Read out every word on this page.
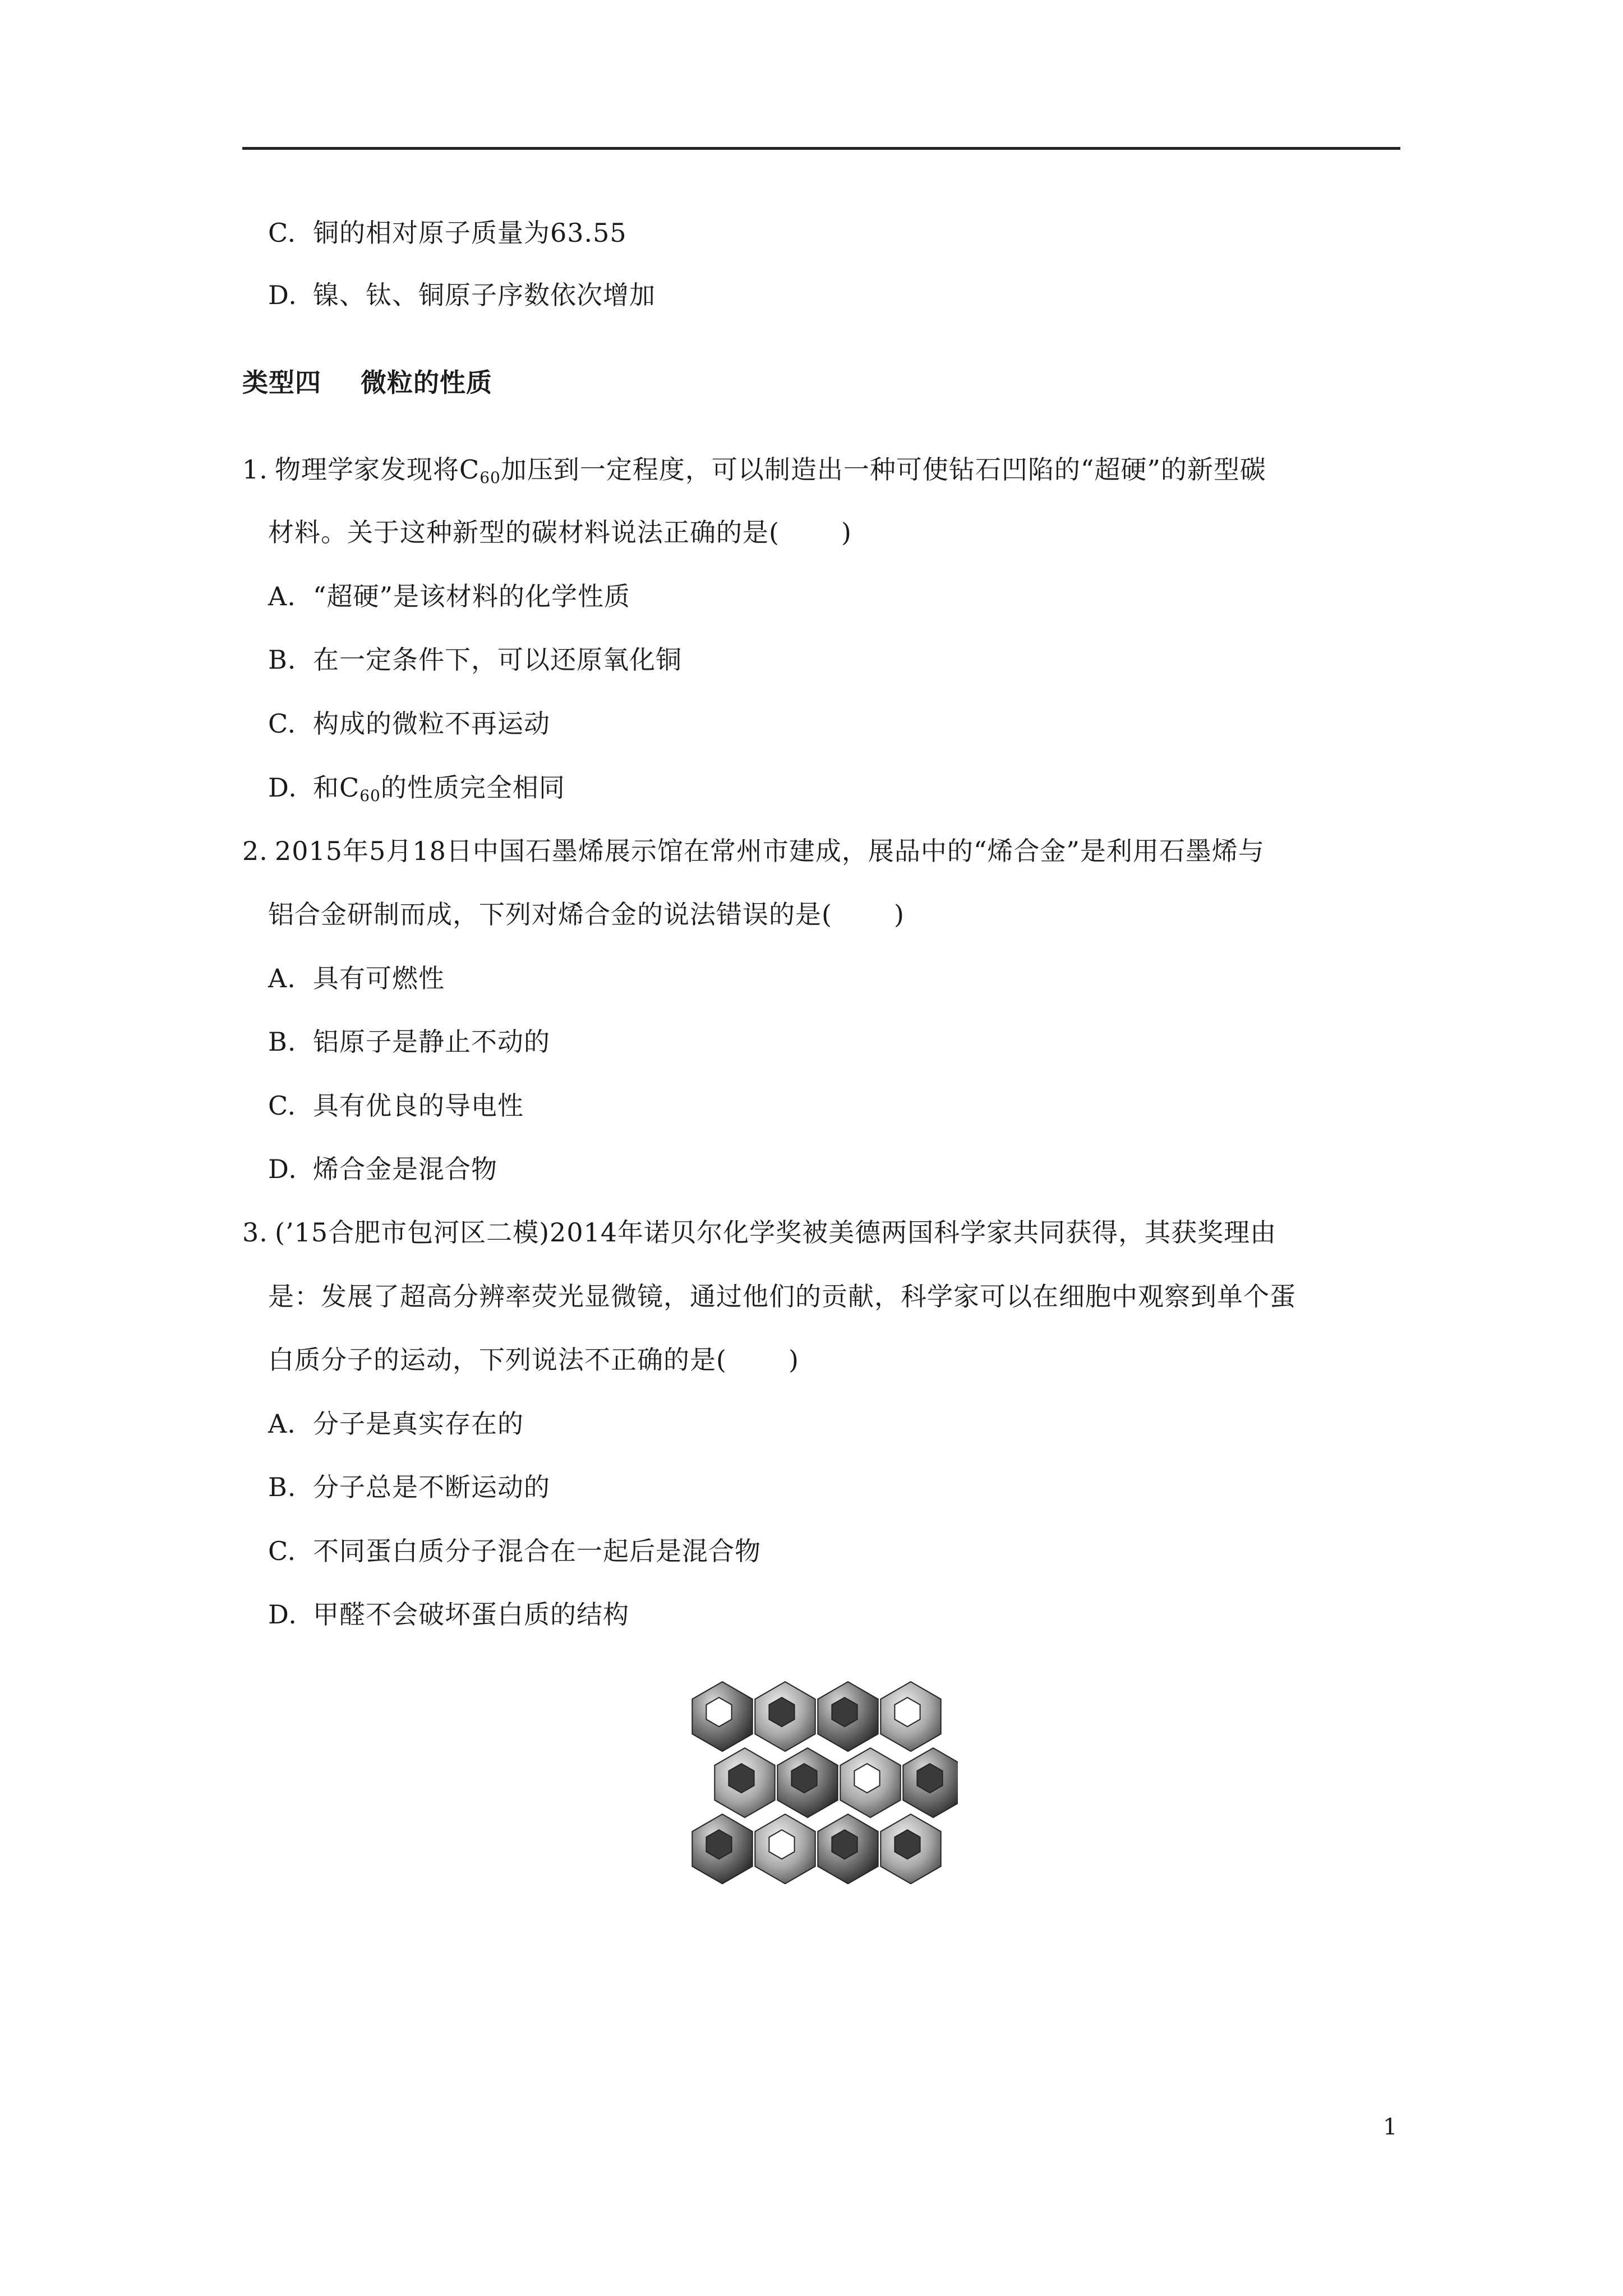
C. 铜的相对原子质量为63.55
D. 镍、钛、铜原子序数依次增加
类型四 微粒的性质
1. 物理学家发现将$C_{60}$加压到一定程度，可以制造出一种可使钻石凹陷的“超硬”的新型碳
材料。关于这种新型的碳材料说法正确的是( )
A. “超硬”是该材料的化学性质
B. 在一定条件下，可以还原氧化铜
C. 构成的微粒不再运动
D. 和$C_{60}$的性质完全相同
2. 2015年5月18日中国石墨烯展示馆在常州市建成，展品中的“烯合金”是利用石墨烯与
铝合金研制而成，下列对烯合金的说法错误的是( )
A. 具有可燃性
B. 铝原子是静止不动的
C. 具有优良的导电性
D. 烯合金是混合物
3. (’15合肥市包河区二模)2014年诺贝尔化学奖被美德两国科学家共同获得，其获奖理由
是：发展了超高分辨率荧光显微镜，通过他们的贡献，科学家可以在细胞中观察到单个蛋
白质分子的运动，下列说法不正确的是( )
A. 分子是真实存在的
B. 分子总是不断运动的
C. 不同蛋白质分子混合在一起后是混合物
D. 甲醛不会破坏蛋白质的结构
1
